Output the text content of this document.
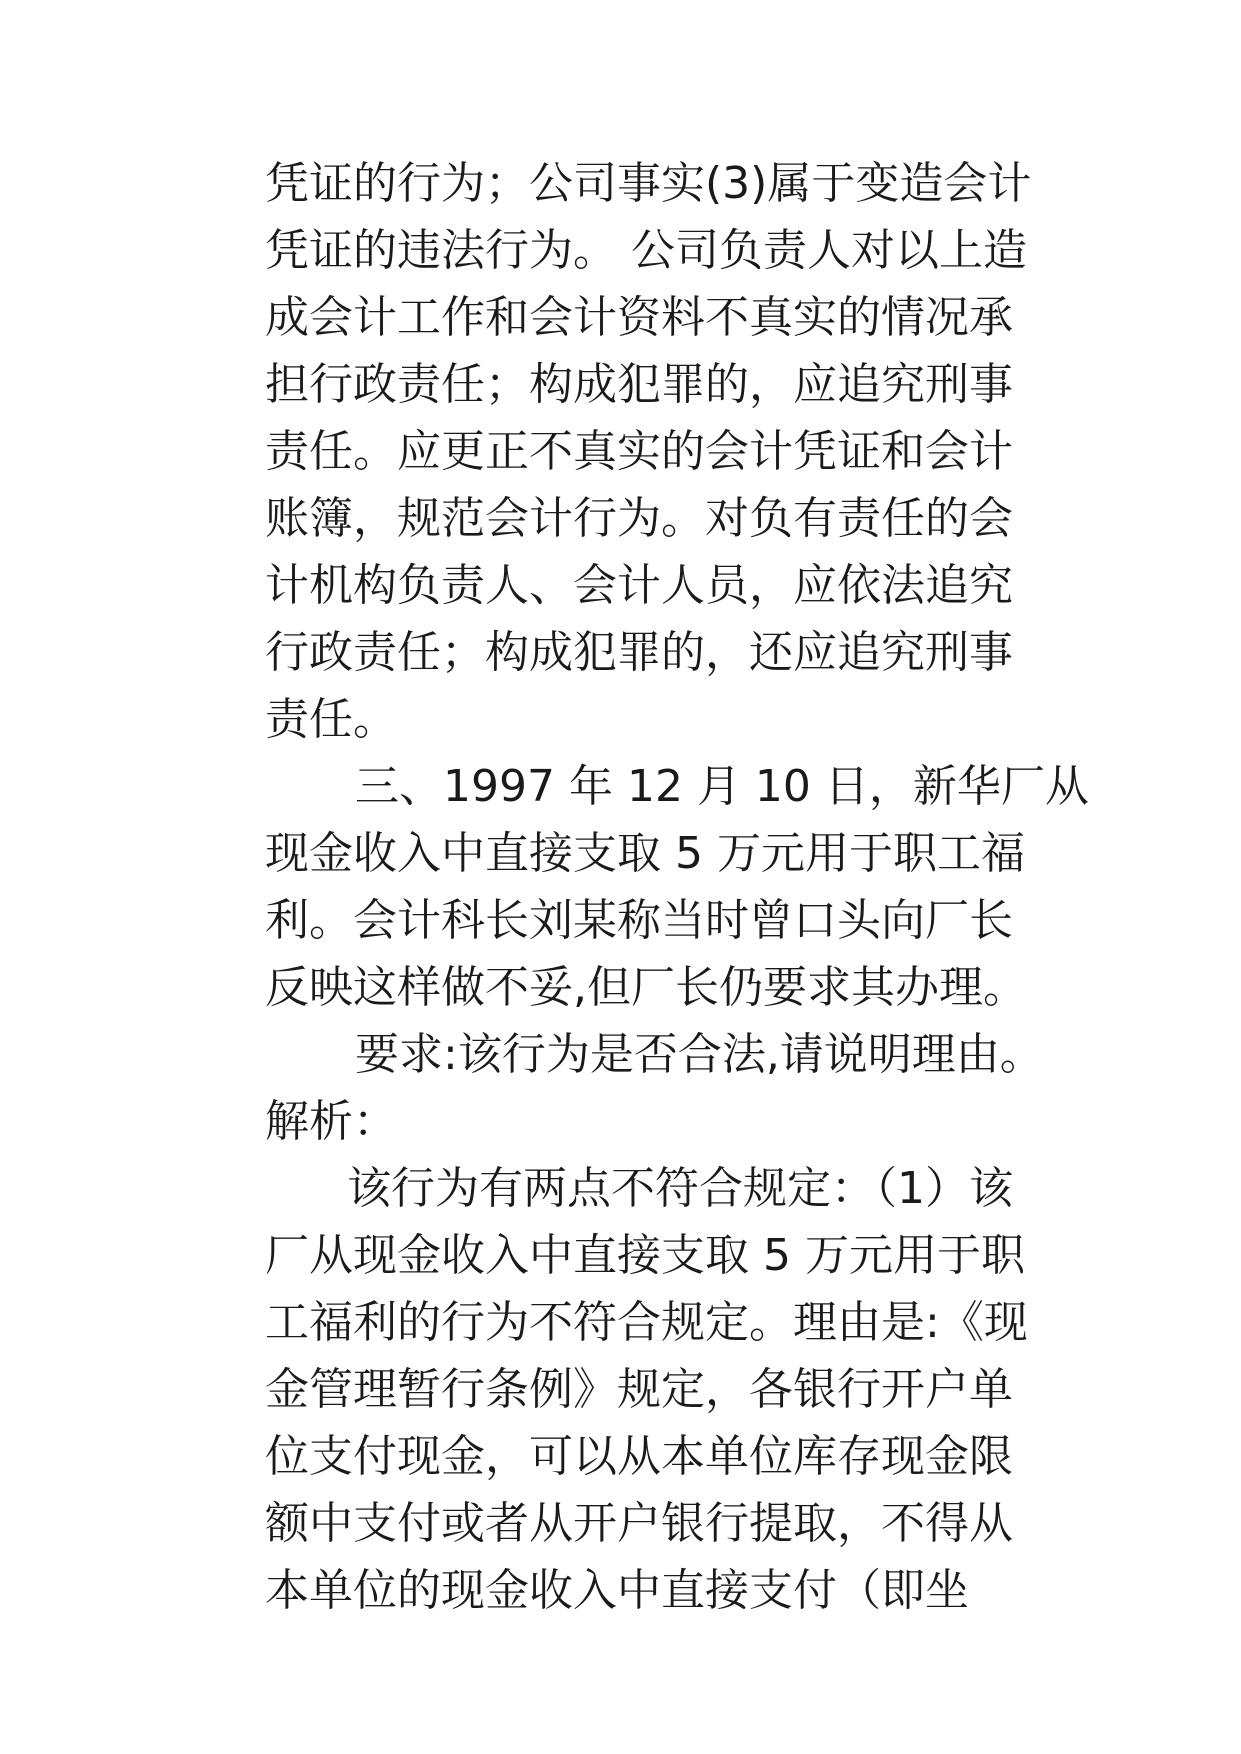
凭证的行为；公司事实(3)属于变造会计
凭证的违法行为。 公司负责人对以上造
成会计工作和会计资料不真实的情况承
担行政责任；构成犯罪的，应追究刑事
责任。应更正不真实的会计凭证和会计
账簿，规范会计行为。对负有责任的会
计机构负责人、会计人员，应依法追究
行政责任；构成犯罪的，还应追究刑事
责任。
三、1997 年 12 月 10 日，新华厂从
现金收入中直接支取 5 万元用于职工福
利。会计科长刘某称当时曾口头向厂长
反映这样做不妥,但厂长仍要求其办理。
要求:该行为是否合法,请说明理由。
解析：
该行为有两点不符合规定：（1）该
厂从现金收入中直接支取 5 万元用于职
工福利的行为不符合规定。理由是:《现
金管理暂行条例》规定，各银行开户单
位支付现金，可以从本单位库存现金限
额中支付或者从开户银行提取，不得从
本单位的现金收入中直接支付（即坐
